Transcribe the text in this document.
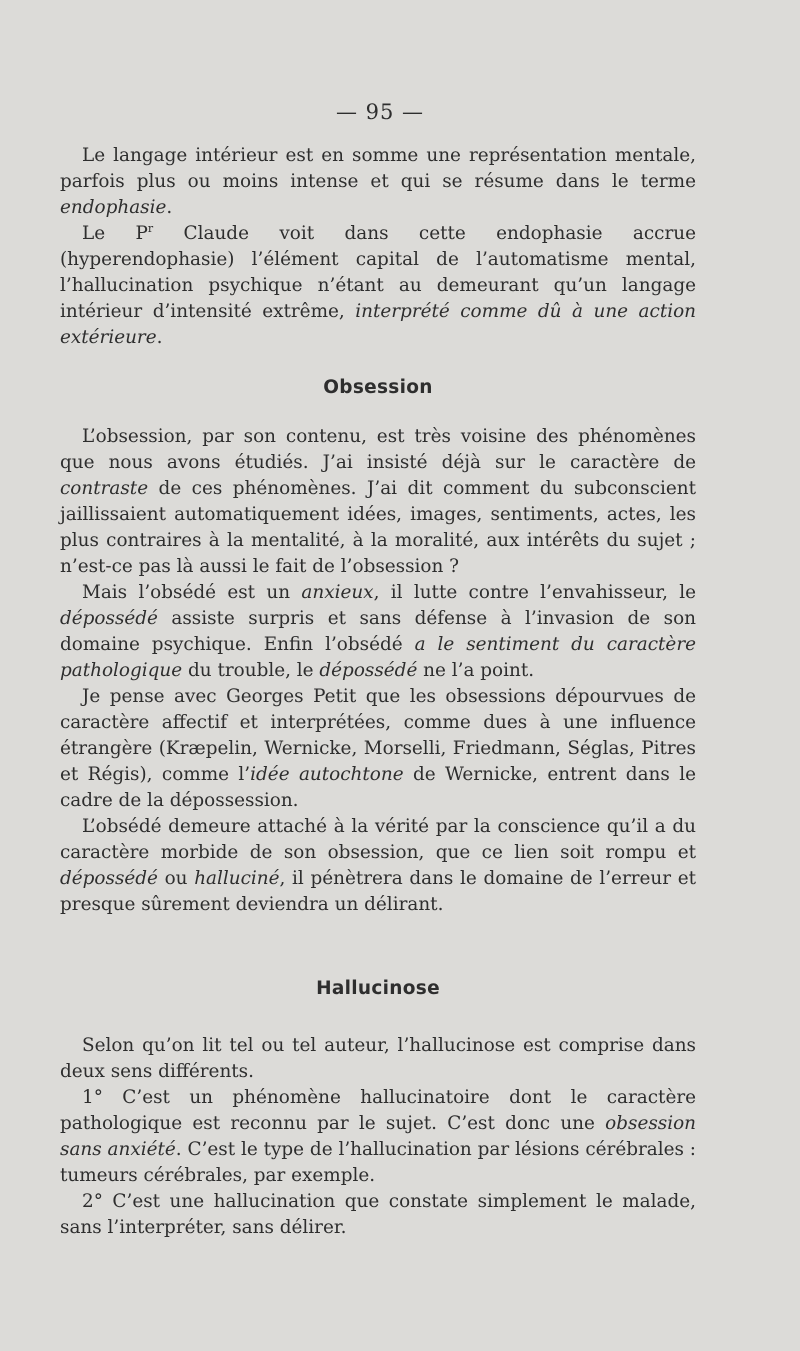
— 95 —

Le langage intérieur est en somme une représentation mentale, parfois plus ou moins intense et qui se résume dans le terme endophasie.

Le $P^r$ Claude voit dans cette endophasie accrue (hyperendophasie) l’élément capital de l’automatisme mental, l’hallucination psychique n’étant au demeurant qu’un langage intérieur d’intensité extrême, interprété comme dû à une action extérieure.

Obsession

L’obsession, par son contenu, est très voisine des phénomènes que nous avons étudiés. J’ai insisté déjà sur le caractère de contraste de ces phénomènes. J’ai dit comment du subconscient jaillissaient automatiquement idées, images, sentiments, actes, les plus contraires à la mentalité, à la moralité, aux intérêts du sujet ; n’est-ce pas là aussi le fait de l’obsession ?

Mais l’obsédé est un anxieux, il lutte contre l’envahisseur, le dépossédé assiste surpris et sans défense à l’invasion de son domaine psychique. Enfin l’obsédé a le sentiment du caractère pathologique du trouble, le dépossédé ne l’a point.

Je pense avec Georges Petit que les obsessions dépourvues de caractère affectif et interprétées, comme dues à une influence étrangère (Kræpelin, Wernicke, Morselli, Friedmann, Séglas, Pitres et Régis), comme l’idée autochtone de Wernicke, entrent dans le cadre de la dépossession.

L’obsédé demeure attaché à la vérité par la conscience qu’il a du caractère morbide de son obsession, que ce lien soit rompu et dépossédé ou halluciné, il pénètrera dans le domaine de l’erreur et presque sûrement deviendra un délirant.

Hallucinose

Selon qu’on lit tel ou tel auteur, l’hallucinose est comprise dans deux sens différents.

1° C’est un phénomène hallucinatoire dont le caractère pathologique est reconnu par le sujet. C’est donc une obsession sans anxiété. C’est le type de l’hallucination par lésions cérébrales : tumeurs cérébrales, par exemple.

2° C’est une hallucination que constate simplement le malade, sans l’interpréter, sans délirer.
